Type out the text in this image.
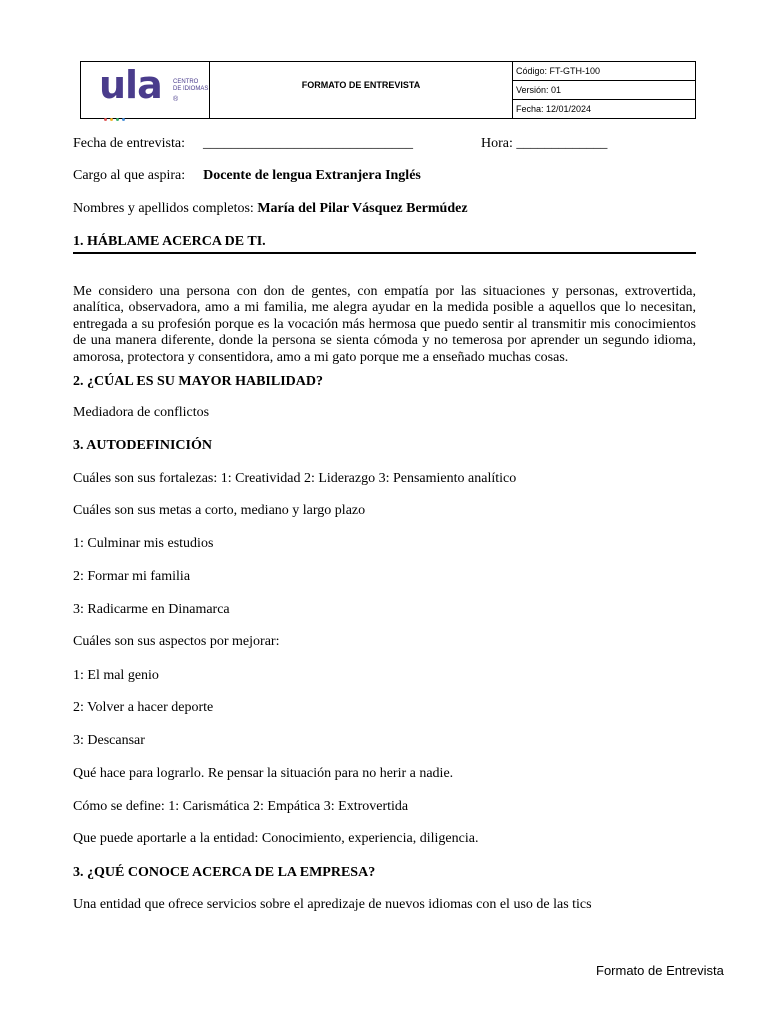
ula CENTRO
DE IDIOMAS
®
	$^{FORMATO DE ENTREVISTA}$	Código: FT-GTH-100
Versión: 01
Fecha: 12/01/2024
Fecha de entrevista: ______________________________	Hora: _____________
Cargo al que aspira: Docente de lengua Extranjera Inglés
Nombres y apellidos completos: María del Pilar Vásquez Bermúdez
1. HÁBLAME ACERCA DE TI.
Me considero una persona con don de gentes, con empatía por las situaciones y personas, extrovertida, analítica, observadora, amo a mi familia, me alegra ayudar en la medida posible a aquellos que lo necesitan, entregada a su profesión porque es la vocación más hermosa que puedo sentir al transmitir mis conocimientos de una manera diferente, donde la persona se sienta cómoda y no temerosa por aprender un segundo idioma, amorosa, protectora y consentidora, amo a mi gato porque me a enseñado muchas cosas.
2. ¿CÚAL ES SU MAYOR HABILIDAD?
Mediadora de conflictos
3. AUTODEFINICIÓN
Cuáles son sus fortalezas: 1: Creatividad 2: Liderazgo 3: Pensamiento analítico
Cuáles son sus metas a corto, mediano y largo plazo
1: Culminar mis estudios
2: Formar mi familia
3: Radicarme en Dinamarca
Cuáles son sus aspectos por mejorar:
1: El mal genio
2: Volver a hacer deporte
3: Descansar
Qué hace para lograrlo. Re pensar la situación para no herir a nadie.
Cómo se define: 1: Carismática 2: Empática 3: Extrovertida
Que puede aportarle a la entidad: Conocimiento, experiencia, diligencia.
3. ¿QUÉ CONOCE ACERCA DE LA EMPRESA?
Una entidad que ofrece servicios sobre el apredizaje de nuevos idiomas con el uso de las tics
Formato de Entrevista
